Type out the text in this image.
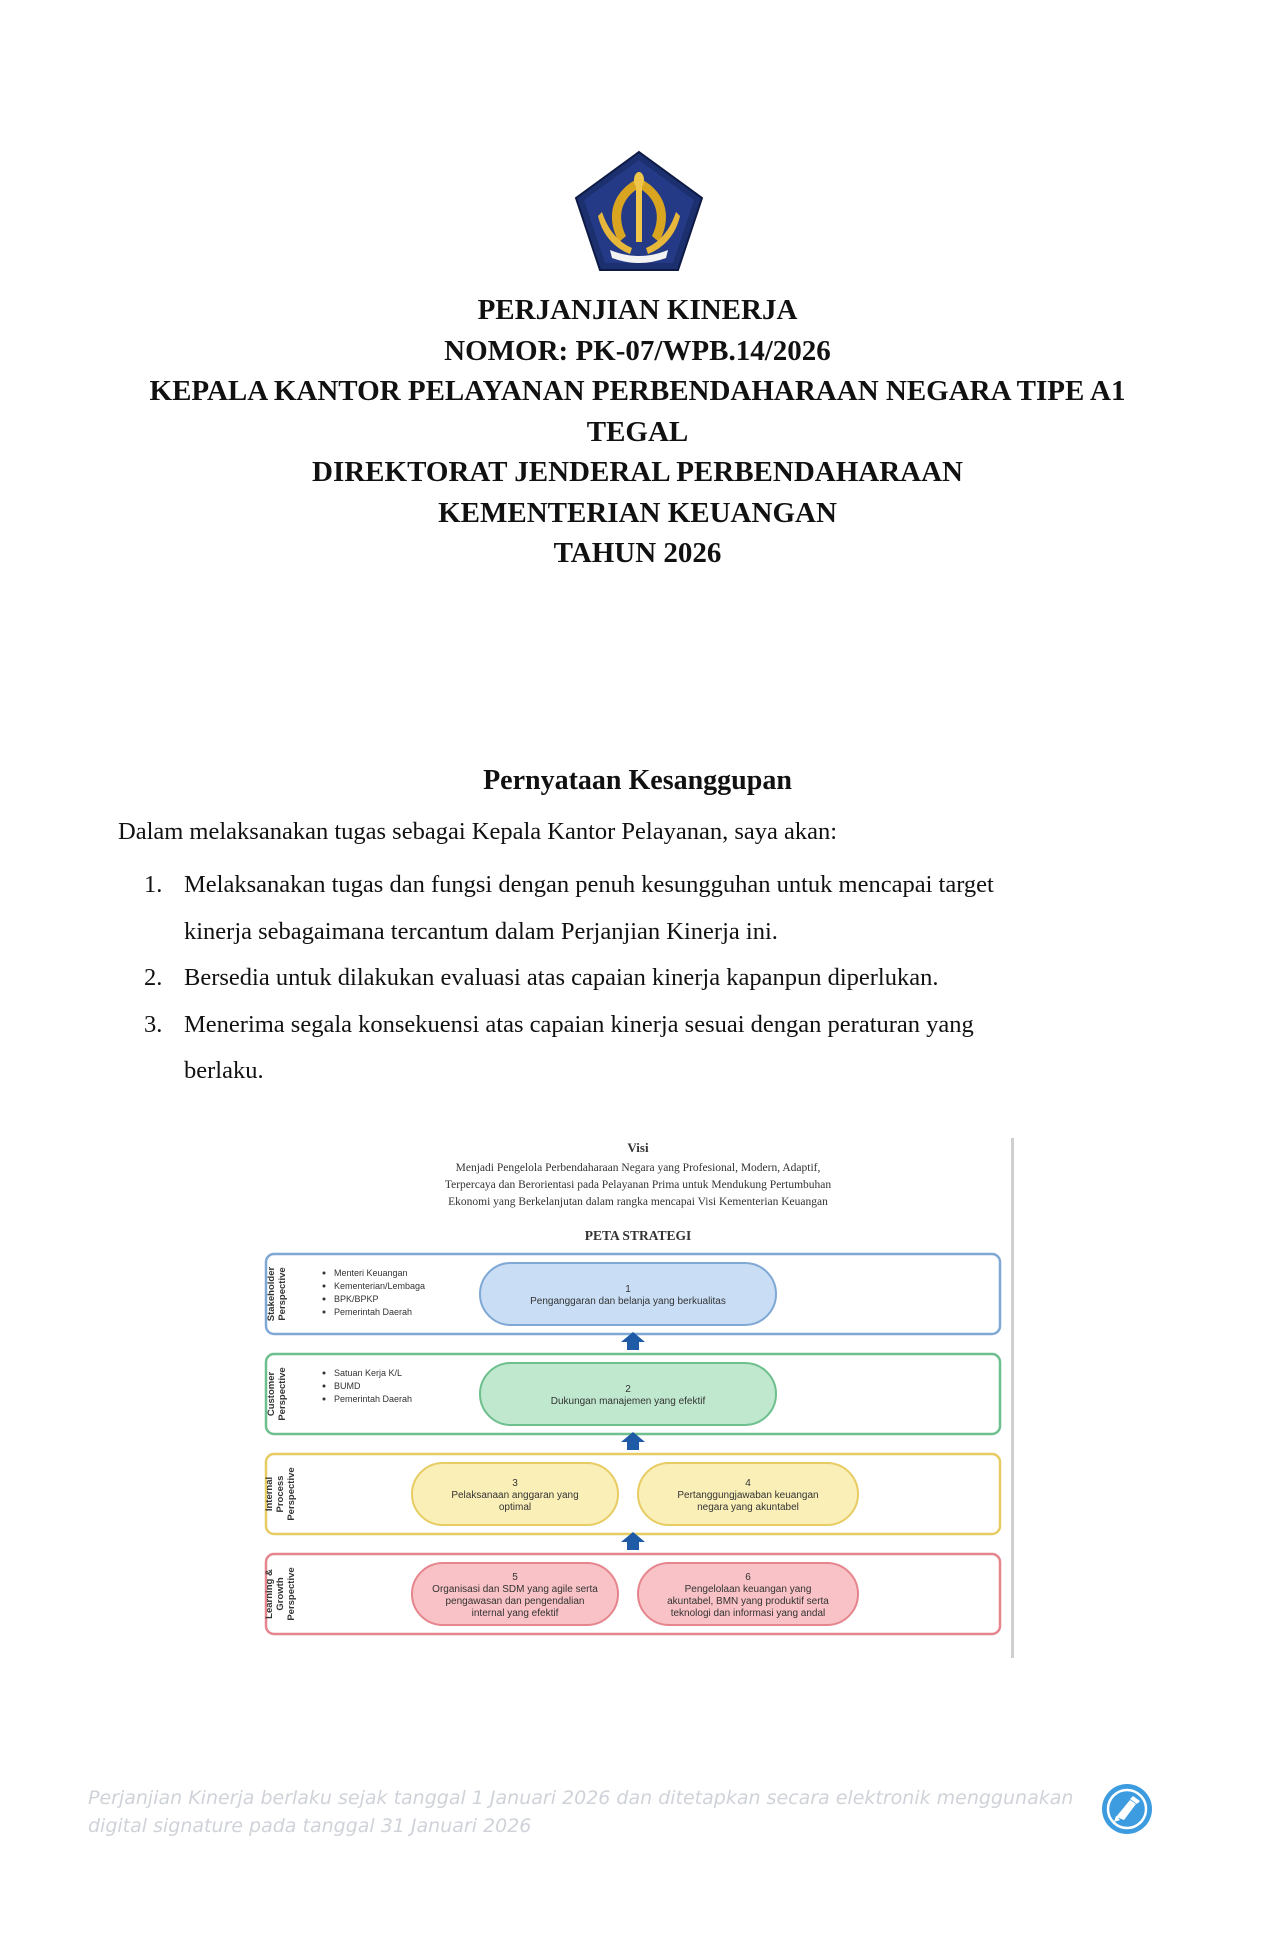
PERJANJIAN KINERJA
NOMOR: PK-07/WPB.14/2026
KEPALA KANTOR PELAYANAN PERBENDAHARAAN NEGARA TIPE A1
TEGAL
DIREKTORAT JENDERAL PERBENDAHARAAN
KEMENTERIAN KEUANGAN
TAHUN 2026
Pernyataan Kesanggupan
Dalam melaksanakan tugas sebagai Kepala Kantor Pelayanan, saya akan:
1. Melaksanakan tugas dan fungsi dengan penuh kesungguhan untuk mencapai target
kinerja sebagaimana tercantum dalam Perjanjian Kinerja ini.
2. Bersedia untuk dilakukan evaluasi atas capaian kinerja kapanpun diperlukan.
3. Menerima segala konsekuensi atas capaian kinerja sesuai dengan peraturan yang
berlaku.
Visi
Menjadi Pengelola Perbendaharaan Negara yang Profesional, Modern, Adaptif,
Terpercaya dan Berorientasi pada Pelayanan Prima untuk Mendukung Pertumbuhan
Ekonomi yang Berkelanjutan dalam rangka mencapai Visi Kementerian Keuangan
PETA STRATEGI
Stakeholder Perspective	Menteri Keuangan
Kementerian/Lembaga
BPK/BPKP
Pemerintah Daerah
1
Penganggaran dan belanja yang berkualitas
Customer Perspective	Satuan Kerja K/L
BUMD
Pemerintah Daerah
2
Dukungan manajemen yang efektif
Internal Process Perspective	3
Pelaksanaan anggaran yang
optimal
4
Pertanggungjawaban keuangan
negara yang akuntabel
Learning & Growth Perspective	5
Organisasi dan SDM yang agile serta
pengawasan dan pengendalian
internal yang efektif
6
Pengelolaan keuangan yang
akuntabel, BMN yang produktif serta
teknologi dan informasi yang andal
Perjanjian Kinerja berlaku sejak tanggal 1 Januari 2026 dan ditetapkan secara elektronik menggunakan
digital signature pada tanggal 31 Januari 2026
